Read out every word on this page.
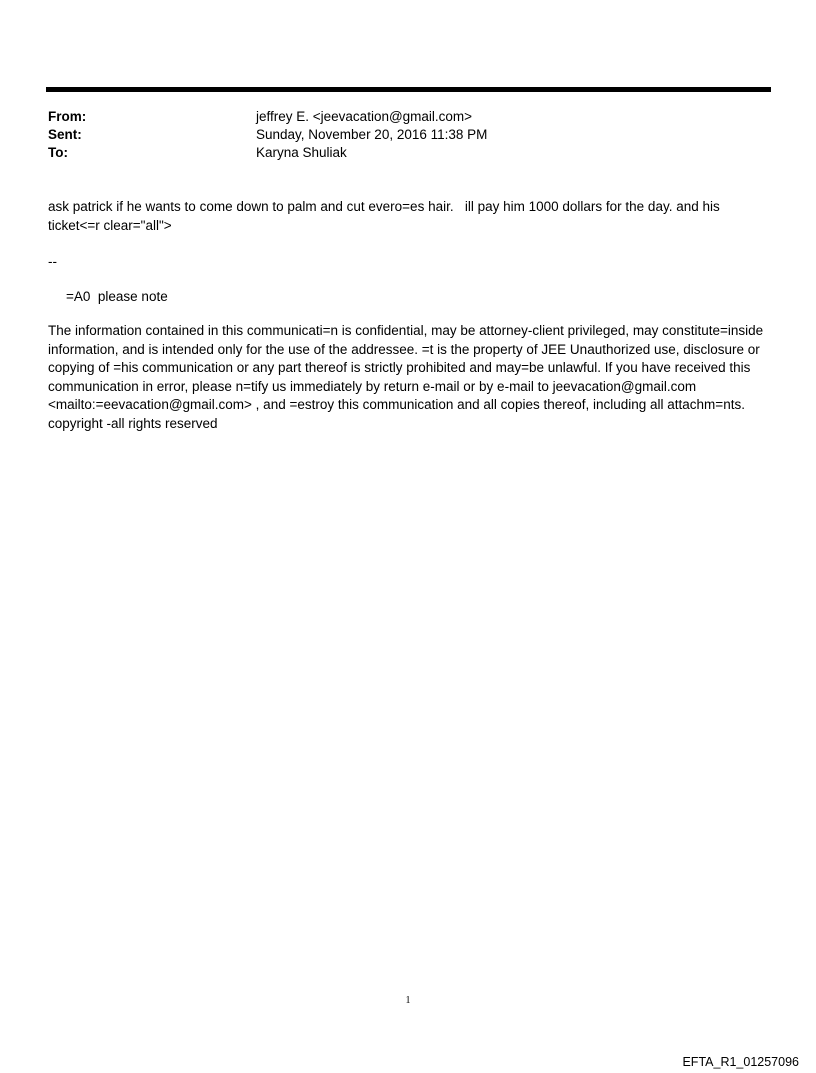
From:	jeffrey E. <jeevacation@gmail.com>
Sent:	Sunday, November 20, 2016 11:38 PM
To:	Karyna Shuliak
ask patrick if he wants to come down to palm and cut evero=es hair.   ill pay him 1000 dollars for the day. and his ticket<=r clear="all">
--
=A0  please note
The information contained in this communicati=n is confidential, may be attorney-client privileged, may constitute=inside information, and is intended only for the use of the addressee. =t is the property of JEE Unauthorized use, disclosure or copying of =his communication or any part thereof is strictly prohibited and may=be unlawful. If you have received this communication in error, please n=tify us immediately by return e-mail or by e-mail to jeevacation@gmail.com <mailto:=eevacation@gmail.com> , and =estroy this communication and all copies thereof, including all attachm=nts. copyright -all rights reserved
1
EFTA_R1_01257096
